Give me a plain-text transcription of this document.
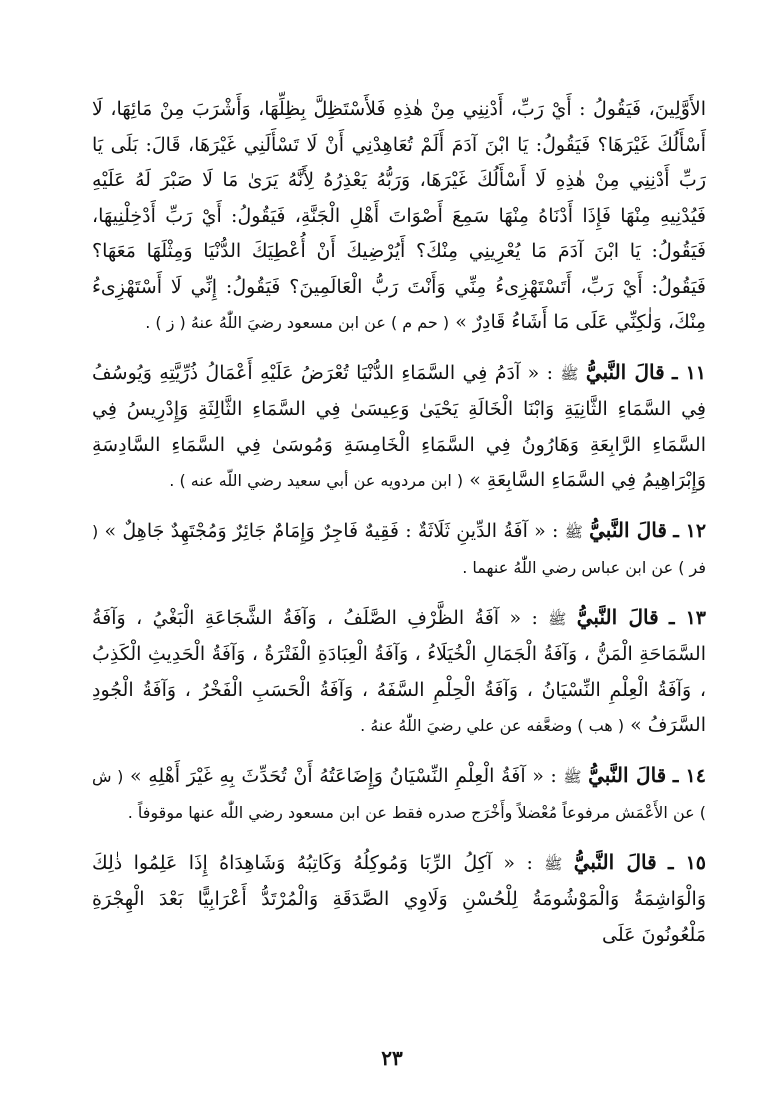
الأَوَّلِينَ، فَيَقُولُ : أَيْ رَبِّ، أَدْنِنِي مِنْ هٰذِهِ فَلأَسْتَظِلَّ بِظِلِّهَا، وَأَشْرَبَ مِنْ مَائِهَا، لَا أَسْأَلُكَ غَيْرَهَا؟ فَيَقُولُ: يَا ابْنَ آدَمَ أَلَمْ تُعَاهِدْنِي أَنْ لَا تَسْأَلَنِي غَيْرَهَا، قَالَ: بَلَى يَا رَبِّ أَدْنِنِي مِنْ هٰذِهِ لَا أَسْأَلُكَ غَيْرَهَا، وَرَبُّهُ يَعْذِرُهُ لِأَنَّهُ يَرَىٰ مَا لَا صَبْرَ لَهُ عَلَيْهِ فَيُدْنِيهِ مِنْهَا فَإِذَا أَدْنَاهُ مِنْهَا سَمِعَ أَصْوَاتَ أَهْلِ الْجَنَّةِ، فَيَقُولُ: أَيْ رَبِّ أَدْخِلْنِيهَا، فَيَقُولُ: يَا ابْنَ آدَمَ مَا يُعْرِينِي مِنْكَ؟ أَيُرْضِيكَ أَنْ أُعْطِيَكَ الدُّنْيَا وَمِثْلَهَا مَعَهَا؟ فَيَقُولُ: أَيْ رَبِّ، أَتَسْتَهْزِىءُ مِنِّي وَأَنْتَ رَبُّ الْعَالَمِينَ؟ فَيَقُولُ: إِنِّي لَا أَسْتَهْزِىءُ مِنْكَ، وَلٰكِنِّي عَلَى مَا أَشَاءُ قَادِرٌ » ( حم م ) عن ابن مسعود رضيَ اللّٰهُ عنهُ ( ز ) .

١١ ـ قالَ النَّبيُّ ﷺ : « آدَمُ فِي السَّمَاءِ الدُّنْيَا تُعْرَضُ عَلَيْهِ أَعْمَالُ ذُرِّيَّتِهِ وَيُوسُفُ فِي السَّمَاءِ الثَّانِيَةِ وَابْنَا الْخَالَةِ يَحْيَىٰ وَعِيسَىٰ فِي السَّمَاءِ الثَّالِثَةِ وَإِدْرِيسُ فِي السَّمَاءِ الرَّابِعَةِ وَهَارُونُ فِي السَّمَاءِ الْخَامِسَةِ وَمُوسَىٰ فِي السَّمَاءِ السَّادِسَةِ وَإِبْرَاهِيمُ فِي السَّمَاءِ السَّابِعَةِ » ( ابن مردويه عن أبي سعيد رضي اللّه عنه ) .

١٢ ـ قالَ النَّبيُّ ﷺ : « آفَةُ الدِّينِ ثَلَاثَةٌ : فَقِيهٌ فَاجِرٌ وَإِمَامٌ جَائِرٌ وَمُجْتَهِدٌ جَاهِلٌ » ( فر ) عن ابن عباس رضي اللّٰهُ عنهما .

١٣ ـ قالَ النَّبيُّ ﷺ : « آفَةُ الظَّرْفِ الصَّلَفُ ، وَآفَةُ الشَّجَاعَةِ الْبَغْيُ ، وَآفَةُ السَّمَاحَةِ الْمَنُّ ، وَآفَةُ الْجَمَالِ الْخُيَلَاءُ ، وَآفَةُ الْعِبَادَةِ الْفَتْرَةُ ، وَآفَةُ الْحَدِيثِ الْكَذِبُ ، وَآفَةُ الْعِلْمِ النِّسْيَانُ ، وَآفَةُ الْحِلْمِ السَّفَهُ ، وَآفَةُ الْحَسَبِ الْفَخْرُ ، وَآفَةُ الْجُودِ السَّرَفُ » ( هب ) وضعَّفه عن علي رضيَ اللّٰهُ عنهُ .

١٤ ـ قالَ النَّبيُّ ﷺ : « آفَةُ الْعِلْمِ النِّسْيَانُ وَإِضَاعَتُهُ أَنْ تُحَدِّثَ بِهِ غَيْرَ أَهْلِهِ » ( ش ) عن الأَعْمَش مرفوعاً مُعْضلاً وأَخْرَج صدره فقط عن ابن مسعود رضي اللّٰه عنها موقوفاً .

١٥ ـ قالَ النَّبيُّ ﷺ : « آكِلُ الرِّبَا وَمُوكِلُهُ وَكَاتِبُهُ وَشَاهِدَاهُ إِذَا عَلِمُوا ذٰلِكَ وَالْوَاشِمَةُ وَالْمَوْشُومَةُ لِلْحُسْنِ وَلَاوِي الصَّدَقَةِ وَالْمُرْتَدُّ أَعْرَابِيًّا بَعْدَ الْهِجْرَةِ مَلْعُونُونَ عَلَى

٢٣
